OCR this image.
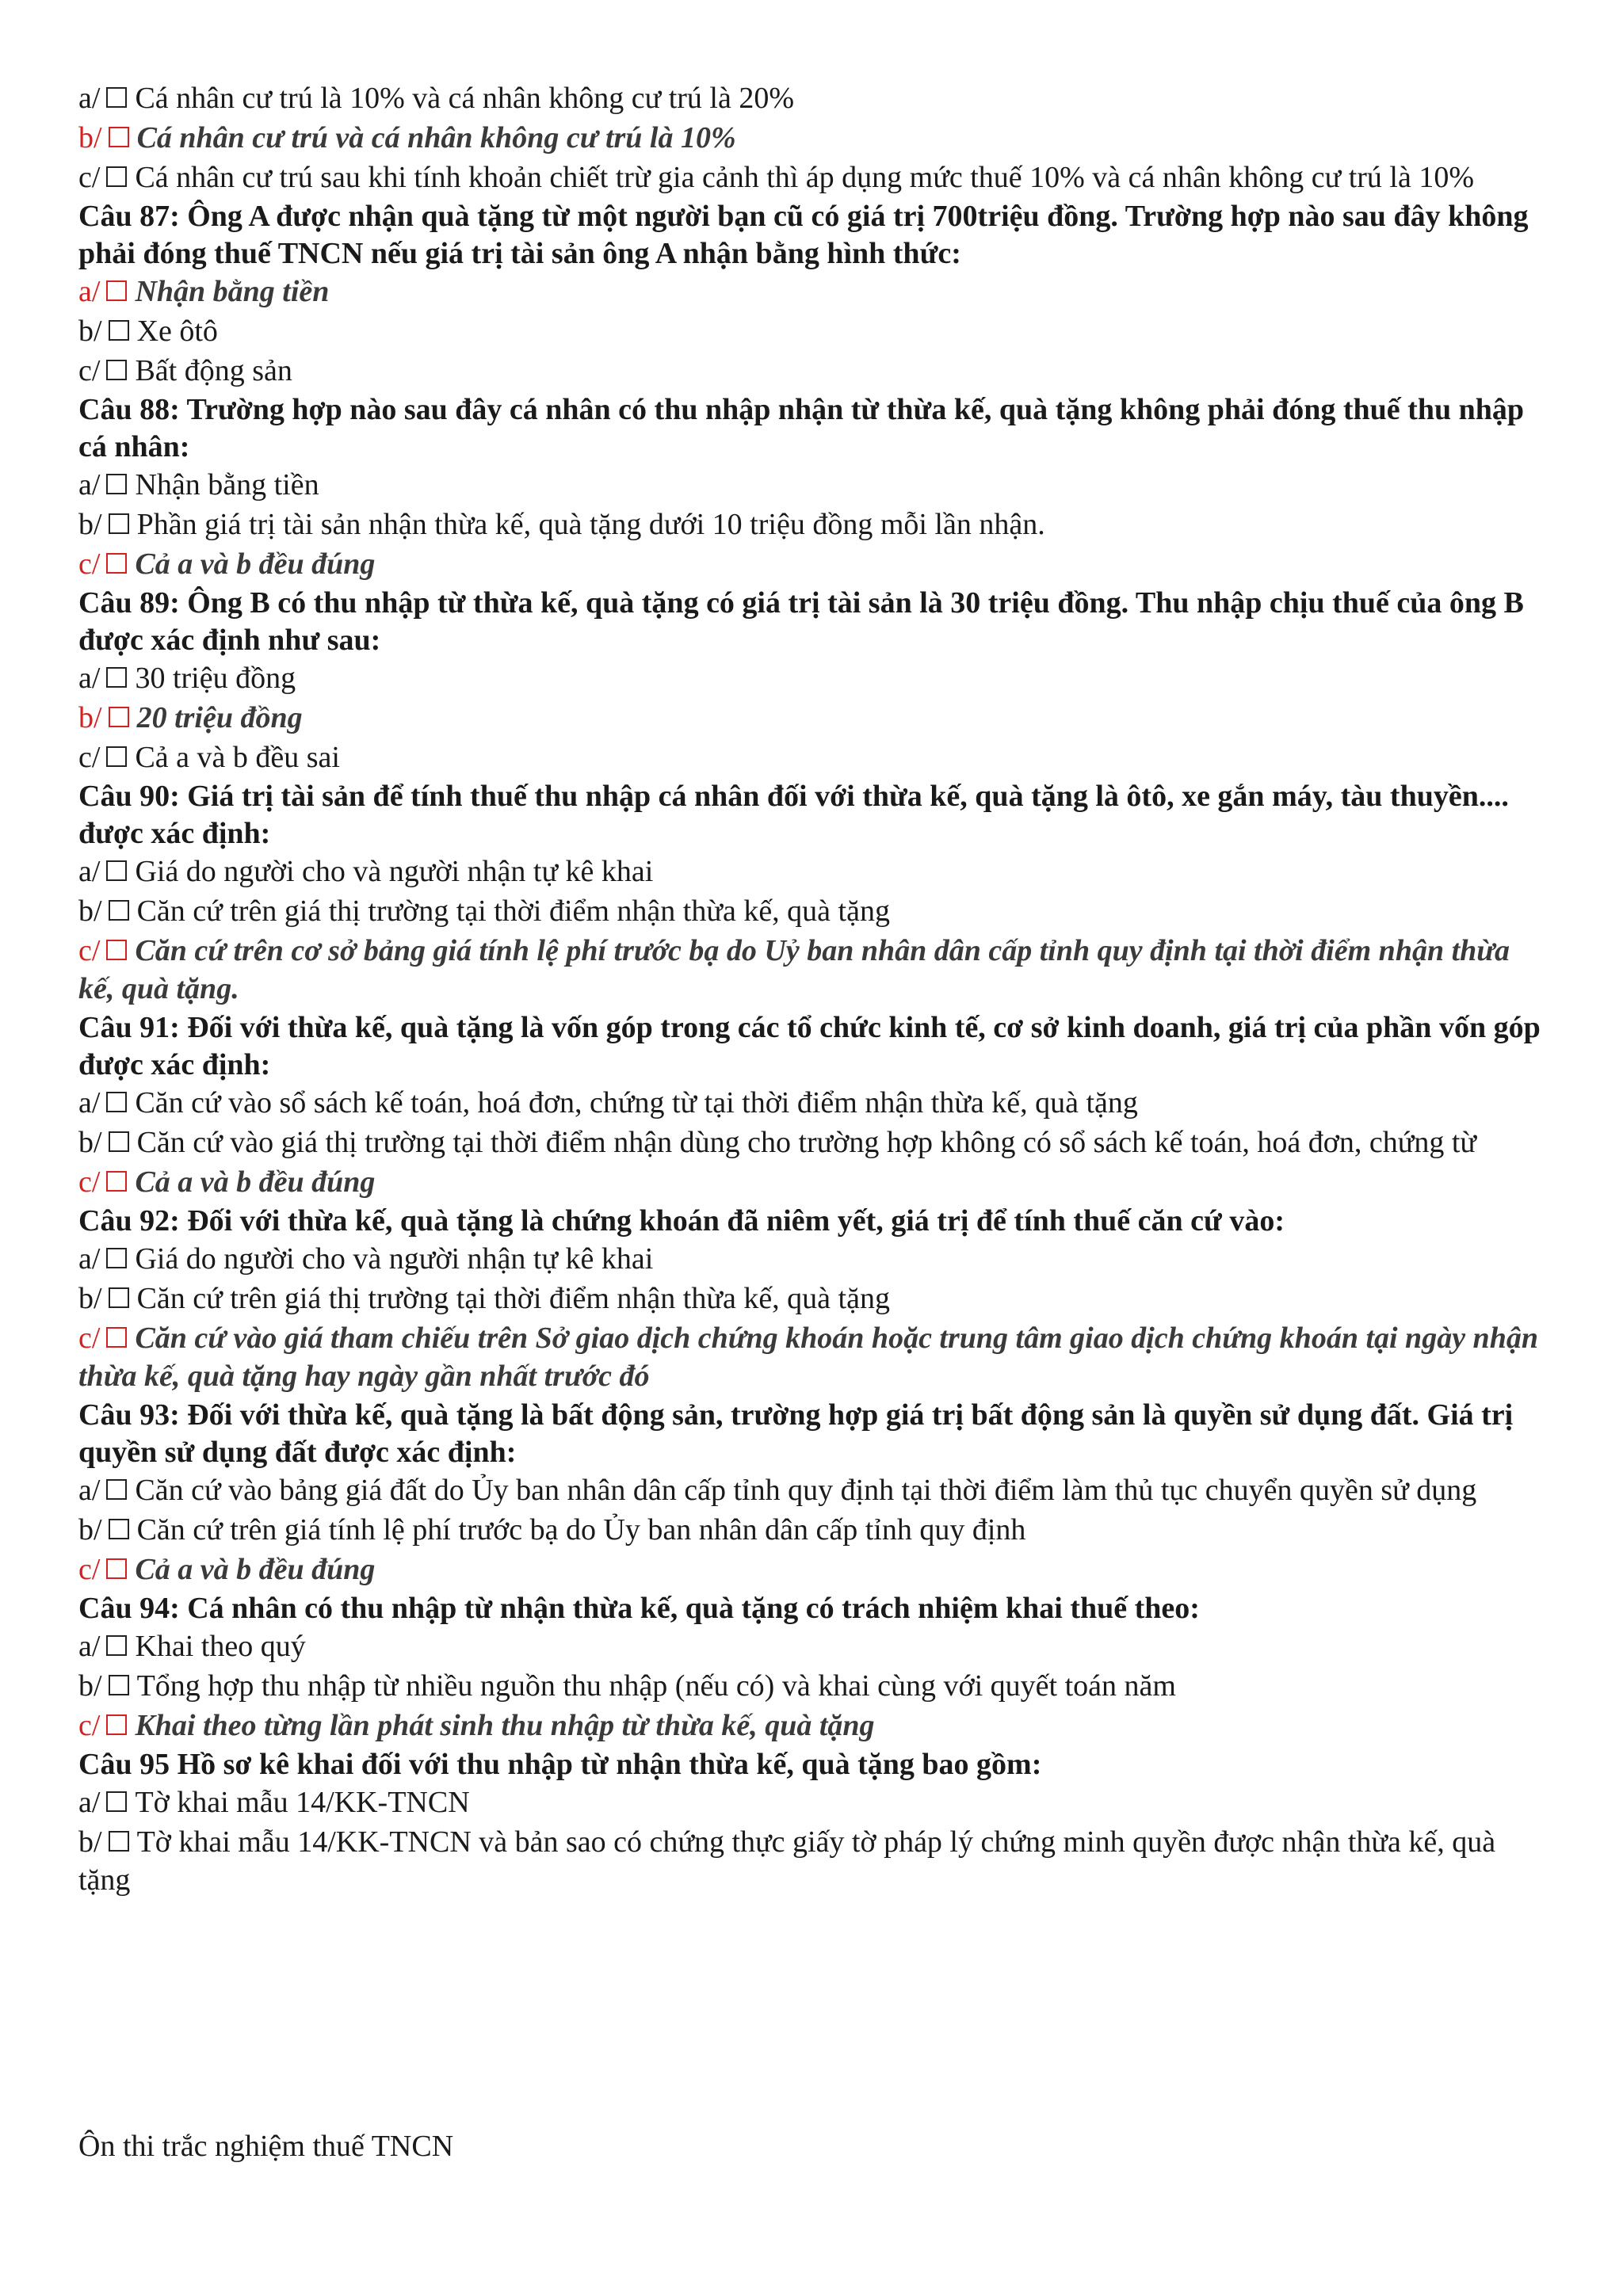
a/ Cá nhân cư trú là 10% và cá nhân không cư trú là 20%

b/ Cá nhân cư trú và cá nhân không cư trú là 10%

c/ Cá nhân cư trú sau khi tính khoản chiết trừ gia cảnh thì áp dụng mức thuế 10% và cá nhân không cư trú là 10%

Câu 87: Ông A được nhận quà tặng từ một người bạn cũ có giá trị 700triệu đồng. Trường hợp nào sau đây không phải đóng thuế TNCN nếu giá trị tài sản ông A nhận bằng hình thức:

a/ Nhận bằng tiền

b/ Xe ôtô

c/ Bất động sản

Câu 88: Trường hợp nào sau đây cá nhân có thu nhập nhận từ thừa kế, quà tặng không phải đóng thuế thu nhập cá nhân:

a/ Nhận bằng tiền

b/ Phần giá trị tài sản nhận thừa kế, quà tặng dưới 10 triệu đồng mỗi lần nhận.

c/ Cả a và b đều đúng

Câu 89: Ông B có thu nhập từ thừa kế, quà tặng có giá trị tài sản là 30 triệu đồng. Thu nhập chịu thuế của ông B được xác định như sau:

a/ 30 triệu đồng

b/ 20 triệu đồng

c/ Cả a và b đều sai

Câu 90: Giá trị tài sản để tính thuế thu nhập cá nhân đối với thừa kế, quà tặng là ôtô, xe gắn máy, tàu thuyền.... được xác định:

a/ Giá do người cho và người nhận tự kê khai

b/ Căn cứ trên giá thị trường tại thời điểm nhận thừa kế, quà tặng

c/ Căn cứ trên cơ sở bảng giá tính lệ phí trước bạ do Uỷ ban nhân dân cấp tỉnh quy định tại thời điểm nhận thừa kế, quà tặng.

Câu 91: Đối với thừa kế, quà tặng là vốn góp trong các tổ chức kinh tế, cơ sở kinh doanh, giá trị của phần vốn góp được xác định:

a/ Căn cứ vào sổ sách kế toán, hoá đơn, chứng từ tại thời điểm nhận thừa kế, quà tặng

b/ Căn cứ vào giá thị trường tại thời điểm nhận dùng cho trường hợp không có sổ sách kế toán, hoá đơn, chứng từ

c/ Cả a và b đều đúng

Câu 92: Đối với thừa kế, quà tặng là chứng khoán đã niêm yết, giá trị để tính thuế căn cứ vào:

a/ Giá do người cho và người nhận tự kê khai

b/ Căn cứ trên giá thị trường tại thời điểm nhận thừa kế, quà tặng

c/ Căn cứ vào giá tham chiếu trên Sở giao dịch chứng khoán hoặc trung tâm giao dịch chứng khoán tại ngày nhận thừa kế, quà tặng hay ngày gần nhất trước đó

Câu 93: Đối với thừa kế, quà tặng là bất động sản, trường hợp giá trị bất động sản là quyền sử dụng đất. Giá trị quyền sử dụng đất được xác định:

a/ Căn cứ vào bảng giá đất do Ủy ban nhân dân cấp tỉnh quy định tại thời điểm làm thủ tục chuyển quyền sử dụng

b/ Căn cứ trên giá tính lệ phí trước bạ do Ủy ban nhân dân cấp tỉnh quy định

c/ Cả a và b đều đúng

Câu 94: Cá nhân có thu nhập từ nhận thừa kế, quà tặng có trách nhiệm khai thuế theo:

a/ Khai theo quý

b/ Tổng hợp thu nhập từ nhiều nguồn thu nhập (nếu có) và khai cùng với quyết toán năm

c/ Khai theo từng lần phát sinh thu nhập từ thừa kế, quà tặng

Câu 95 Hồ sơ kê khai đối với thu nhập từ nhận thừa kế, quà tặng bao gồm:

a/ Tờ khai mẫu 14/KK-TNCN

b/ Tờ khai mẫu 14/KK-TNCN và bản sao có chứng thực giấy tờ pháp lý chứng minh quyền được nhận thừa kế, quà tặng

Ôn thi trắc nghiệm thuế TNCN
